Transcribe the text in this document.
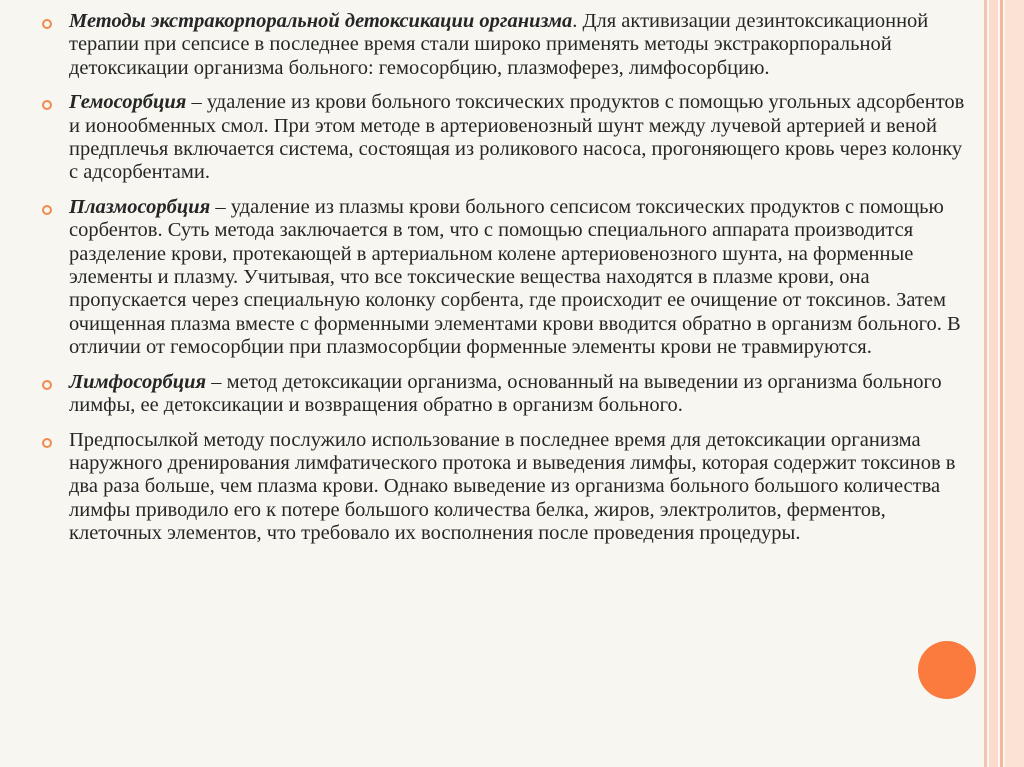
Методы экстракорпоральной детоксикации организма. Для активизации дезинтоксикационной терапии при сепсисе в последнее время стали широко применять методы экстракорпоральной детоксикации организма больного: гемосорбцию, плазмоферез, лимфосорбцию.
Гемосорбция – удаление из крови больного токсических продуктов с помощью угольных адсорбентов и ионообменных смол. При этом методе в артериовенозный шунт между лучевой артерией и веной предплечья включается система, состоящая из роликового насоса, прогоняющего кровь через колонку с адсорбентами.
Плазмосорбция – удаление из плазмы крови больного сепсисом токсических продуктов с помощью сорбентов. Суть метода заключается в том, что с помощью специального аппарата производится разделение крови, протекающей в артериальном колене артериовенозного шунта, на форменные элементы и плазму. Учитывая, что все токсические вещества находятся в плазме крови, она пропускается через специальную колонку сорбента, где происходит ее очищение от токсинов. Затем очищенная плазма вместе с форменными элементами крови вводится обратно в организм больного. В отличии от гемосорбции при плазмосорбции форменные элементы крови не травмируются.
Лимфосорбция – метод детоксикации организма, основанный на выведении из организма больного лимфы, ее детоксикации и возвращения обратно в организм больного.
Предпосылкой методу послужило использование в последнее время для детоксикации организма наружного дренирования лимфатического протока и выведения лимфы, которая содержит токсинов в два раза больше, чем плазма крови. Однако выведение из организма больного большого количества лимфы приводило его к потере большого количества белка, жиров, электролитов, ферментов, клеточных элементов, что требовало их восполнения после проведения процедуры.
